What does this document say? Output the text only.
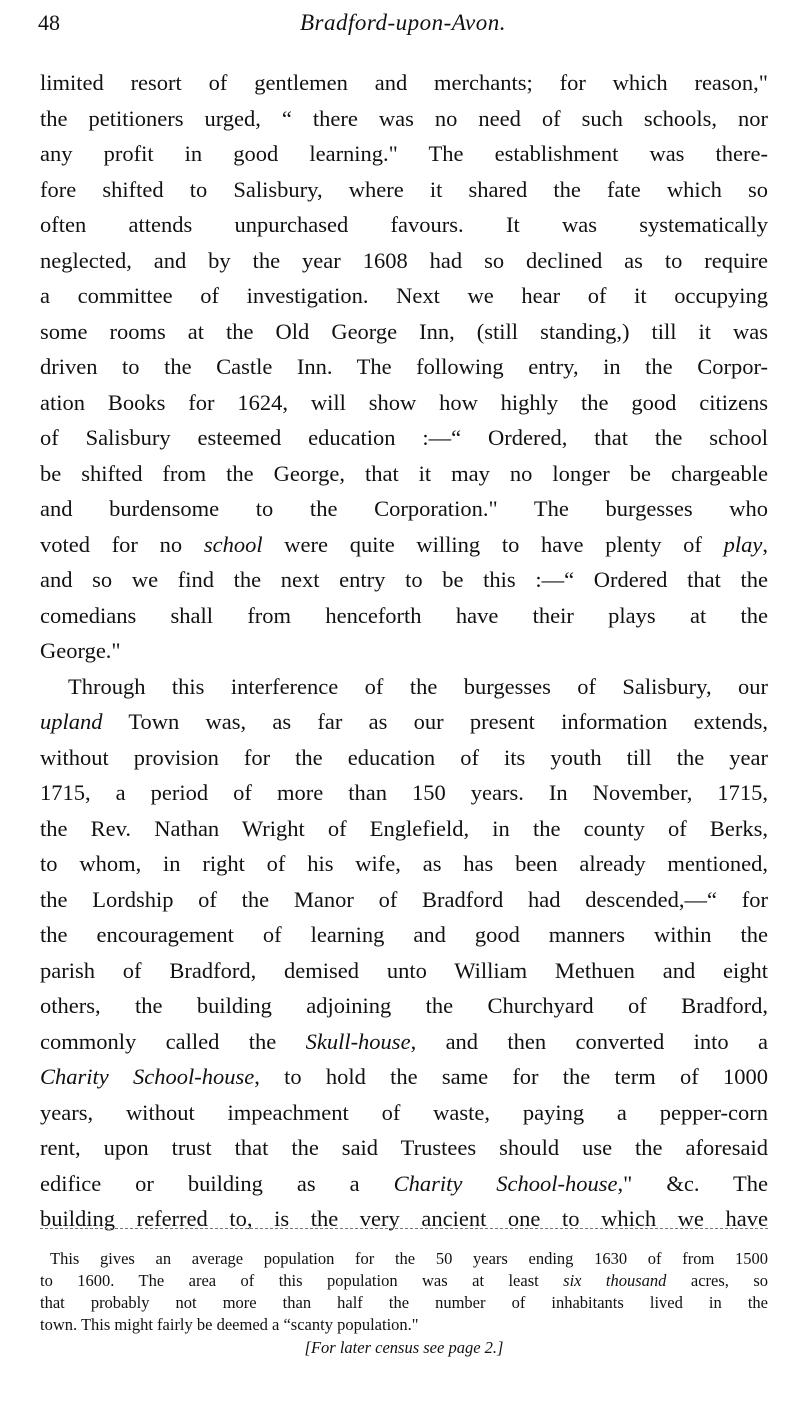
48	Bradford-upon-Avon.
limited resort of gentlemen and merchants; for which reason,"
the petitioners urged, “ there was no need of such schools, nor
any profit in good learning." The establishment was there-
fore shifted to Salisbury, where it shared the fate which so
often attends unpurchased favours. It was systematically
neglected, and by the year 1608 had so declined as to require
a committee of investigation. Next we hear of it occupying
some rooms at the Old George Inn, (still standing,) till it was
driven to the Castle Inn. The following entry, in the Corpor-
ation Books for 1624, will show how highly the good citizens
of Salisbury esteemed education :—“ Ordered, that the school
be shifted from the George, that it may no longer be chargeable
and burdensome to the Corporation." The burgesses who
voted for no school were quite willing to have plenty of play,
and so we find the next entry to be this :—“ Ordered that the
comedians shall from henceforth have their plays at the
George."
Through this interference of the burgesses of Salisbury, our
upland Town was, as far as our present information extends,
without provision for the education of its youth till the year
1715, a period of more than 150 years. In November, 1715,
the Rev. Nathan Wright of Englefield, in the county of Berks,
to whom, in right of his wife, as has been already mentioned,
the Lordship of the Manor of Bradford had descended,—“ for
the encouragement of learning and good manners within the
parish of Bradford, demised unto William Methuen and eight
others, the building adjoining the Churchyard of Bradford,
commonly called the Skull-house, and then converted into a
Charity School-house, to hold the same for the term of 1000
years, without impeachment of waste, paying a pepper-corn
rent, upon trust that the said Trustees should use the aforesaid
edifice or building as a Charity School-house," &c. The
building referred to, is the very ancient one to which we have
This gives an average population for the 50 years ending 1630 of from 1500
to 1600. The area of this population was at least six thousand acres, so
that probably not more than half the number of inhabitants lived in the
town. This might fairly be deemed a “scanty population."
[For later census see page 2.]
